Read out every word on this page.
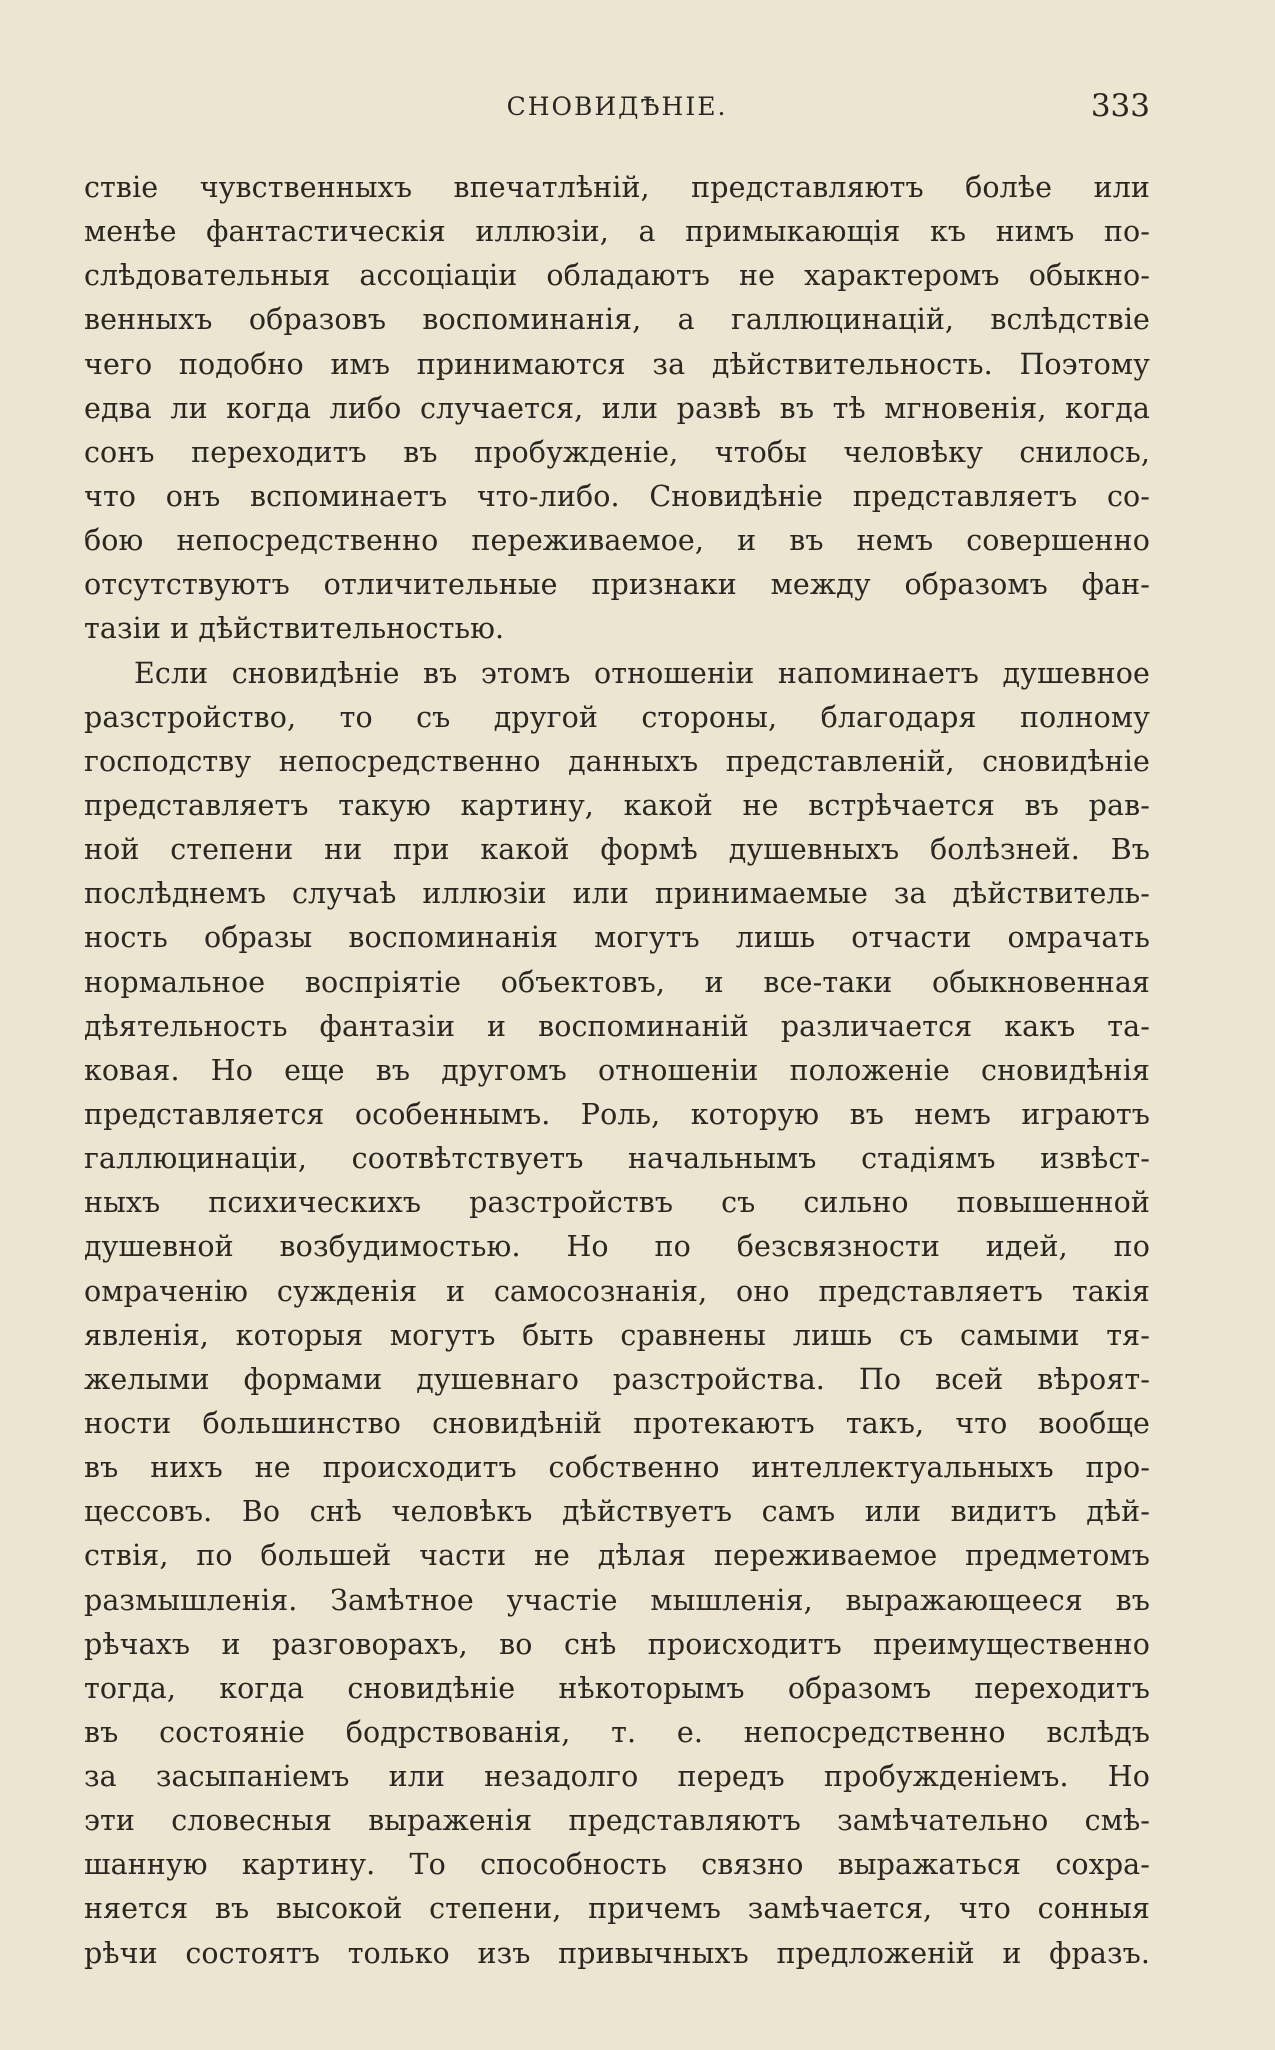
СНОВИДѢНІЕ.	333

ствіе чувственныхъ впечатлѣній, представляютъ болѣе или
менѣе фантастическія иллюзіи, а примыкающія къ нимъ по-
слѣдовательныя ассоціаціи обладаютъ не характеромъ обыкно-
венныхъ образовъ воспоминанія, а галлюцинацій, вслѣдствіе
чего подобно имъ принимаются за дѣйствительность. Поэтому
едва ли когда либо случается, или развѣ въ тѣ мгновенія, когда
сонъ переходитъ въ пробужденіе, чтобы человѣку снилось,
что онъ вспоминаетъ что-либо. Сновидѣніе представляетъ со-
бою непосредственно переживаемое, и въ немъ совершенно
отсутствуютъ отличительные признаки между образомъ фан-
тазіи и дѣйствительностью.

Если сновидѣніе въ этомъ отношеніи напоминаетъ душевное
разстройство, то съ другой стороны, благодаря полному
господству непосредственно данныхъ представленій, сновидѣніе
представляетъ такую картину, какой не встрѣчается въ рав-
ной степени ни при какой формѣ душевныхъ болѣзней. Въ
послѣднемъ случаѣ иллюзіи или принимаемые за дѣйствитель-
ность образы воспоминанія могутъ лишь отчасти омрачать
нормальное воспріятіе объектовъ, и все-таки обыкновенная
дѣятельность фантазіи и воспоминаній различается какъ та-
ковая. Но еще въ другомъ отношеніи положеніе сновидѣнія
представляется особеннымъ. Роль, которую въ немъ играютъ
галлюцинаціи, соотвѣтствуетъ начальнымъ стадіямъ извѣст-
ныхъ психическихъ разстройствъ съ сильно повышенной
душевной возбудимостью. Но по безсвязности идей, по
омраченію сужденія и самосознанія, оно представляетъ такія
явленія, которыя могутъ быть сравнены лишь съ самыми тя-
желыми формами душевнаго разстройства. По всей вѣроят-
ности большинство сновидѣній протекаютъ такъ, что вообще
въ нихъ не происходитъ собственно интеллектуальныхъ про-
цессовъ. Во снѣ человѣкъ дѣйствуетъ самъ или видитъ дѣй-
ствія, по большей части не дѣлая переживаемое предметомъ
размышленія. Замѣтное участіе мышленія, выражающееся въ
рѣчахъ и разговорахъ, во снѣ происходитъ преимущественно
тогда, когда сновидѣніе нѣкоторымъ образомъ переходитъ
въ состояніе бодрствованія, т. е. непосредственно вслѣдъ
за засыпаніемъ или незадолго передъ пробужденіемъ. Но
эти словесныя выраженія представляютъ замѣчательно смѣ-
шанную картину. То способность связно выражаться сохра-
няется въ высокой степени, причемъ замѣчается, что сонныя
рѣчи состоятъ только изъ привычныхъ предложеній и фразъ.
